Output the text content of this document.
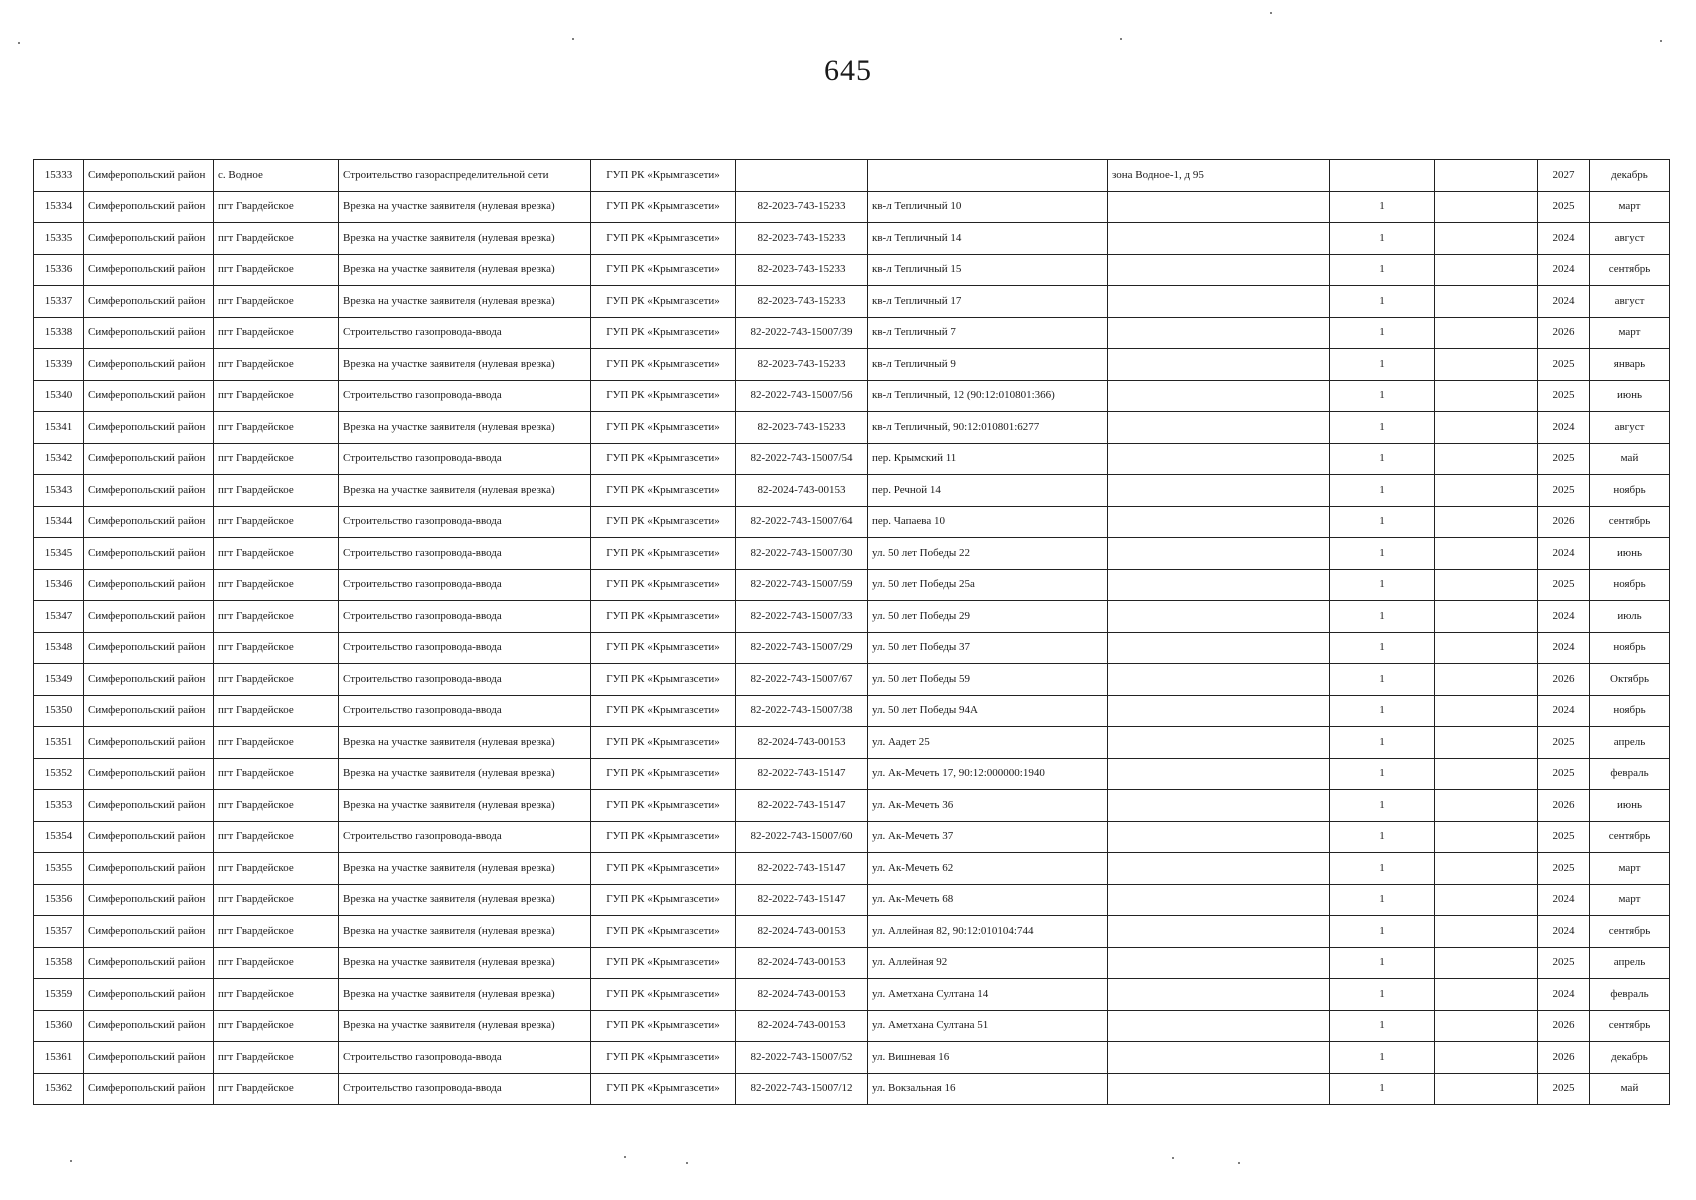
645
15333	Симферопольский район	с. Водное	Строительство газораспределительной сети	ГУП РК «Крымгазсети»			зона Водное-1, д 95			2027	декабрь
15334	Симферопольский район	пгт Гвардейское	Врезка на участке заявителя (нулевая врезка)	ГУП РК «Крымгазсети»	82-2023-743-15233	кв-л Тепличный 10		1		2025	март
15335	Симферопольский район	пгт Гвардейское	Врезка на участке заявителя (нулевая врезка)	ГУП РК «Крымгазсети»	82-2023-743-15233	кв-л Тепличный 14		1		2024	август
15336	Симферопольский район	пгт Гвардейское	Врезка на участке заявителя (нулевая врезка)	ГУП РК «Крымгазсети»	82-2023-743-15233	кв-л Тепличный 15		1		2024	сентябрь
15337	Симферопольский район	пгт Гвардейское	Врезка на участке заявителя (нулевая врезка)	ГУП РК «Крымгазсети»	82-2023-743-15233	кв-л Тепличный 17		1		2024	август
15338	Симферопольский район	пгт Гвардейское	Строительство газопровода-ввода	ГУП РК «Крымгазсети»	82-2022-743-15007/39	кв-л Тепличный 7		1		2026	март
15339	Симферопольский район	пгт Гвардейское	Врезка на участке заявителя (нулевая врезка)	ГУП РК «Крымгазсети»	82-2023-743-15233	кв-л Тепличный 9		1		2025	январь
15340	Симферопольский район	пгт Гвардейское	Строительство газопровода-ввода	ГУП РК «Крымгазсети»	82-2022-743-15007/56	кв-л Тепличный, 12 (90:12:010801:366)		1		2025	июнь
15341	Симферопольский район	пгт Гвардейское	Врезка на участке заявителя (нулевая врезка)	ГУП РК «Крымгазсети»	82-2023-743-15233	кв-л Тепличный, 90:12:010801:6277		1		2024	август
15342	Симферопольский район	пгт Гвардейское	Строительство газопровода-ввода	ГУП РК «Крымгазсети»	82-2022-743-15007/54	пер. Крымский 11		1		2025	май
15343	Симферопольский район	пгт Гвардейское	Врезка на участке заявителя (нулевая врезка)	ГУП РК «Крымгазсети»	82-2024-743-00153	пер. Речной 14		1		2025	ноябрь
15344	Симферопольский район	пгт Гвардейское	Строительство газопровода-ввода	ГУП РК «Крымгазсети»	82-2022-743-15007/64	пер. Чапаева 10		1		2026	сентябрь
15345	Симферопольский район	пгт Гвардейское	Строительство газопровода-ввода	ГУП РК «Крымгазсети»	82-2022-743-15007/30	ул. 50 лет Победы 22		1		2024	июнь
15346	Симферопольский район	пгт Гвардейское	Строительство газопровода-ввода	ГУП РК «Крымгазсети»	82-2022-743-15007/59	ул. 50 лет Победы 25а		1		2025	ноябрь
15347	Симферопольский район	пгт Гвардейское	Строительство газопровода-ввода	ГУП РК «Крымгазсети»	82-2022-743-15007/33	ул. 50 лет Победы 29		1		2024	июль
15348	Симферопольский район	пгт Гвардейское	Строительство газопровода-ввода	ГУП РК «Крымгазсети»	82-2022-743-15007/29	ул. 50 лет Победы 37		1		2024	ноябрь
15349	Симферопольский район	пгт Гвардейское	Строительство газопровода-ввода	ГУП РК «Крымгазсети»	82-2022-743-15007/67	ул. 50 лет Победы 59		1		2026	Октябрь
15350	Симферопольский район	пгт Гвардейское	Строительство газопровода-ввода	ГУП РК «Крымгазсети»	82-2022-743-15007/38	ул. 50 лет Победы 94А		1		2024	ноябрь
15351	Симферопольский район	пгт Гвардейское	Врезка на участке заявителя (нулевая врезка)	ГУП РК «Крымгазсети»	82-2024-743-00153	ул. Аадет 25		1		2025	апрель
15352	Симферопольский район	пгт Гвардейское	Врезка на участке заявителя (нулевая врезка)	ГУП РК «Крымгазсети»	82-2022-743-15147	ул. Ак-Мечеть 17, 90:12:000000:1940		1		2025	февраль
15353	Симферопольский район	пгт Гвардейское	Врезка на участке заявителя (нулевая врезка)	ГУП РК «Крымгазсети»	82-2022-743-15147	ул. Ак-Мечеть 36		1		2026	июнь
15354	Симферопольский район	пгт Гвардейское	Строительство газопровода-ввода	ГУП РК «Крымгазсети»	82-2022-743-15007/60	ул. Ак-Мечеть 37		1		2025	сентябрь
15355	Симферопольский район	пгт Гвардейское	Врезка на участке заявителя (нулевая врезка)	ГУП РК «Крымгазсети»	82-2022-743-15147	ул. Ак-Мечеть 62		1		2025	март
15356	Симферопольский район	пгт Гвардейское	Врезка на участке заявителя (нулевая врезка)	ГУП РК «Крымгазсети»	82-2022-743-15147	ул. Ак-Мечеть 68		1		2024	март
15357	Симферопольский район	пгт Гвардейское	Врезка на участке заявителя (нулевая врезка)	ГУП РК «Крымгазсети»	82-2024-743-00153	ул. Аллейная 82, 90:12:010104:744		1		2024	сентябрь
15358	Симферопольский район	пгт Гвардейское	Врезка на участке заявителя (нулевая врезка)	ГУП РК «Крымгазсети»	82-2024-743-00153	ул. Аллейная 92		1		2025	апрель
15359	Симферопольский район	пгт Гвардейское	Врезка на участке заявителя (нулевая врезка)	ГУП РК «Крымгазсети»	82-2024-743-00153	ул. Аметхана Султана 14		1		2024	февраль
15360	Симферопольский район	пгт Гвардейское	Врезка на участке заявителя (нулевая врезка)	ГУП РК «Крымгазсети»	82-2024-743-00153	ул. Аметхана Султана 51		1		2026	сентябрь
15361	Симферопольский район	пгт Гвардейское	Строительство газопровода-ввода	ГУП РК «Крымгазсети»	82-2022-743-15007/52	ул. Вишневая 16		1		2026	декабрь
15362	Симферопольский район	пгт Гвардейское	Строительство газопровода-ввода	ГУП РК «Крымгазсети»	82-2022-743-15007/12	ул. Вокзальная 16		1		2025	май
